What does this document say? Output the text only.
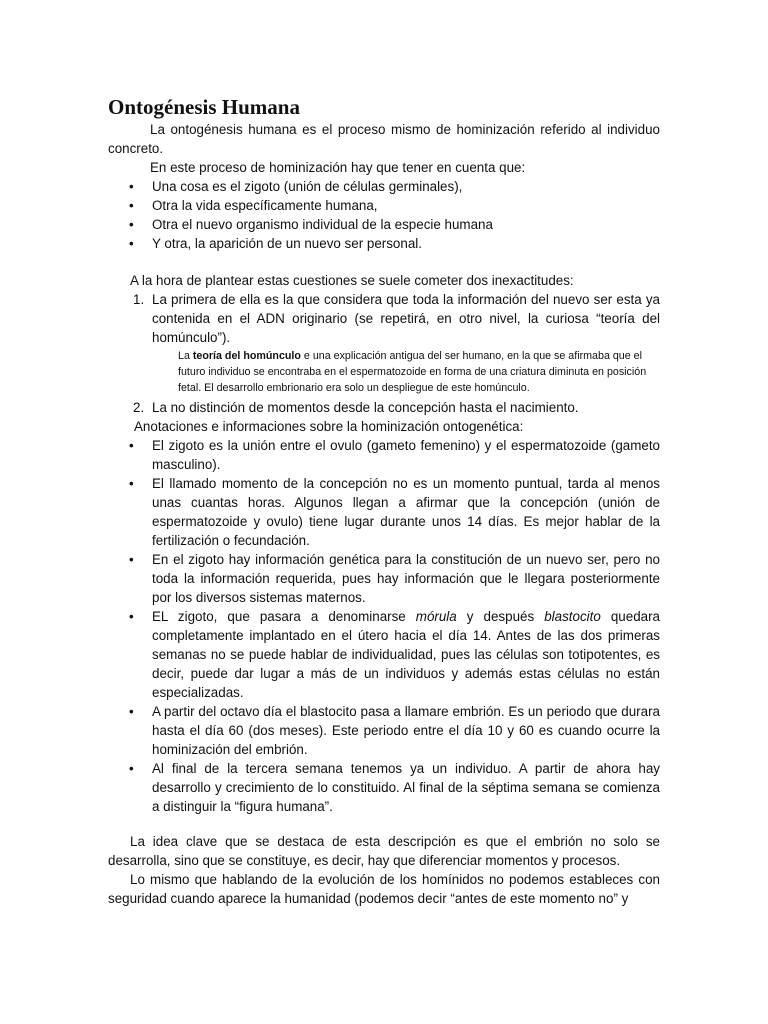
Ontogénesis Humana

La ontogénesis humana es el proceso mismo de hominización referido al individuo concreto.

En este proceso de hominización hay que tener en cuenta que:

• Una cosa es el zigoto (unión de células germinales),
• Otra la vida específicamente humana,
• Otra el nuevo organismo individual de la especie humana
• Y otra, la aparición de un nuevo ser personal.

A la hora de plantear estas cuestiones se suele cometer dos inexactitudes:

1. La primera de ella es la que considera que toda la información del nuevo ser esta ya contenida en el ADN originario (se repetirá, en otro nivel, la curiosa “teoría del homúnculo”).

La teoría del homúnculo e una explicación antigua del ser humano, en la que se afirmaba que el futuro individuo se encontraba en el espermatozoide en forma de una criatura diminuta en posición fetal. El desarrollo embrionario era solo un despliegue de este homúnculo.

2. La no distinción de momentos desde la concepción hasta el nacimiento.

Anotaciones e informaciones sobre la hominización ontogenética:

• El zigoto es la unión entre el ovulo (gameto femenino) y el espermatozoide (gameto masculino).
• El llamado momento de la concepción no es un momento puntual, tarda al menos unas cuantas horas. Algunos llegan a afirmar que la concepción (unión de espermatozoide y ovulo) tiene lugar durante unos 14 días. Es mejor hablar de la fertilización o fecundación.
• En el zigoto hay información genética para la constitución de un nuevo ser, pero no toda la información requerida, pues hay información que le llegara posteriormente por los diversos sistemas maternos.
• EL zigoto, que pasara a denominarse mórula y después blastocito quedara completamente implantado en el útero hacia el día 14. Antes de las dos primeras semanas no se puede hablar de individualidad, pues las células son totipotentes, es decir, puede dar lugar a más de un individuos y además estas células no están especializadas.
• A partir del octavo día el blastocito pasa a llamare embrión. Es un periodo que durara hasta el día 60 (dos meses). Este periodo entre el día 10 y 60 es cuando ocurre la hominización del embrión.
• Al final de la tercera semana tenemos ya un individuo. A partir de ahora hay desarrollo y crecimiento de lo constituido. Al final de la séptima semana se comienza a distinguir la “figura humana”.

La idea clave que se destaca de esta descripción es que el embrión no solo se desarrolla, sino que se constituye, es decir, hay que diferenciar momentos y procesos.

Lo mismo que hablando de la evolución de los homínidos no podemos estableces con seguridad cuando aparece la humanidad (podemos decir “antes de este momento no” y
